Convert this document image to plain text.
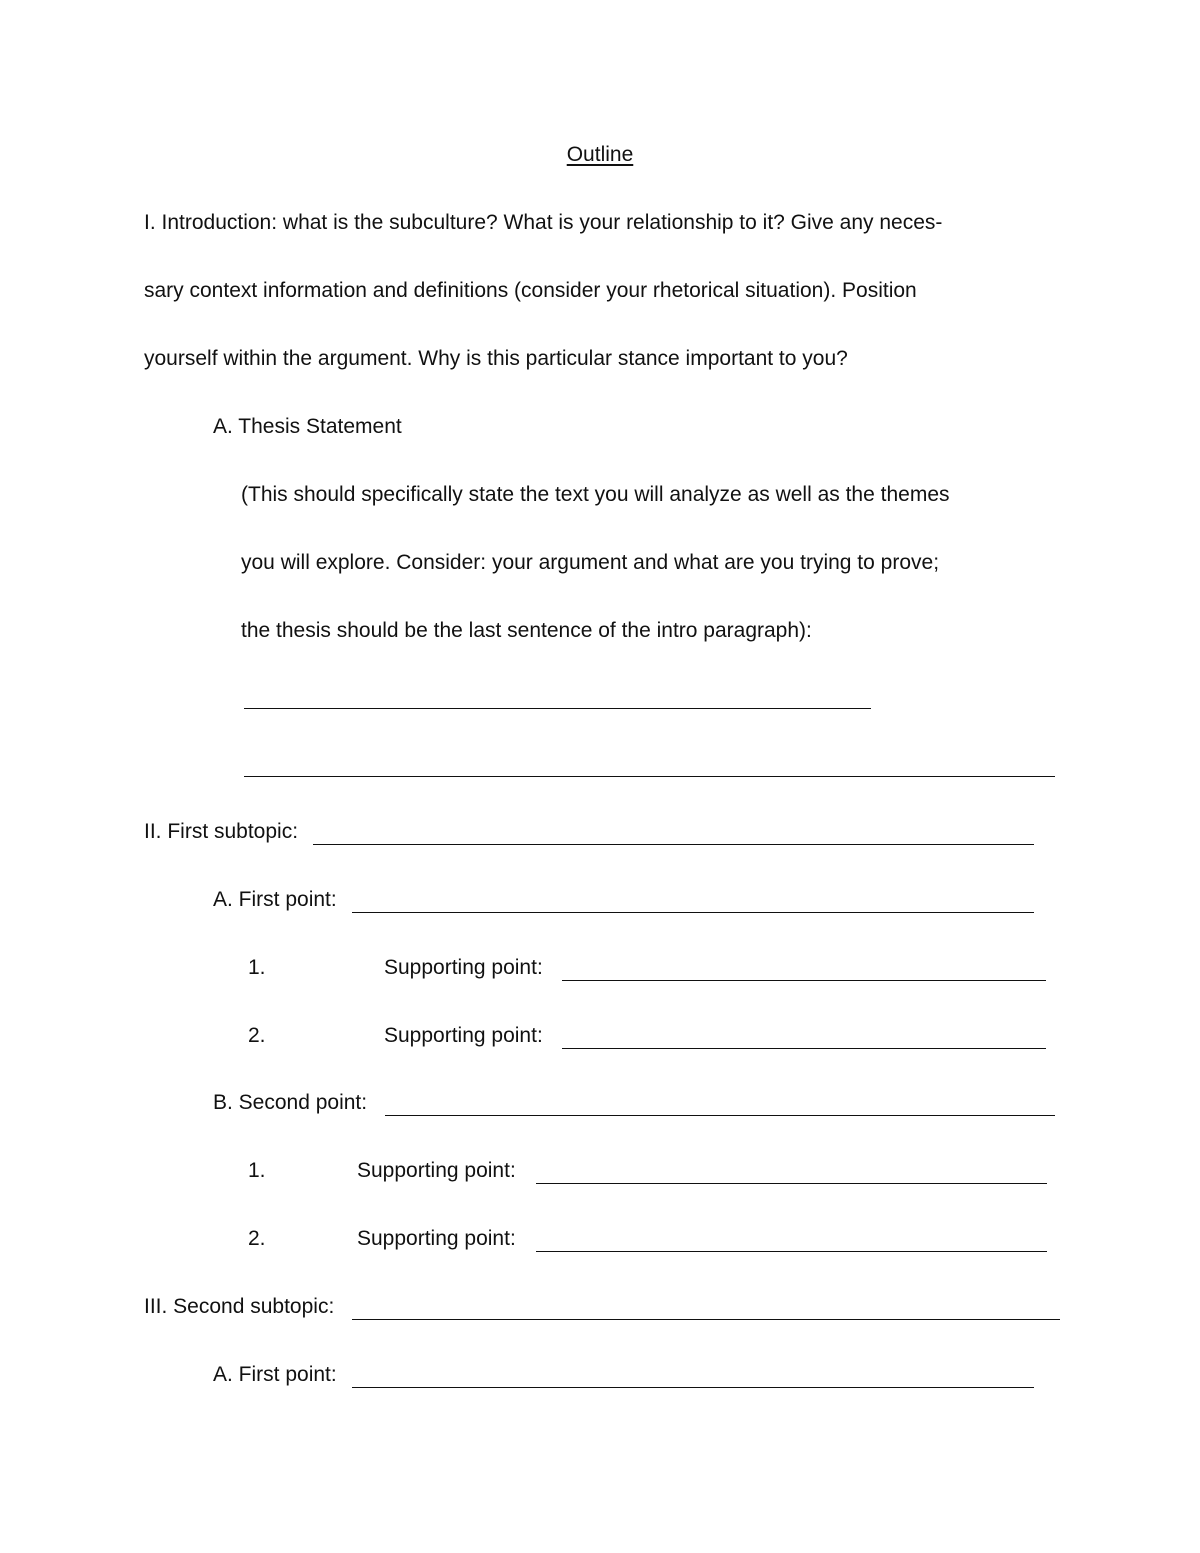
Outline
I. Introduction: what is the subculture? What is your relationship to it? Give any neces-
sary context information and definitions (consider your rhetorical situation). Position
yourself within the argument. Why is this particular stance important to you?
A. Thesis Statement
(This should specifically state the text you will analyze as well as the themes
you will explore. Consider: your argument and what are you trying to prove;
the thesis should be the last sentence of the intro paragraph):
II. First subtopic:
A. First point:
1.	Supporting point:
2.	Supporting point:
B. Second point:
1.	Supporting point:
2.	Supporting point:
III. Second subtopic:
A. First point:
